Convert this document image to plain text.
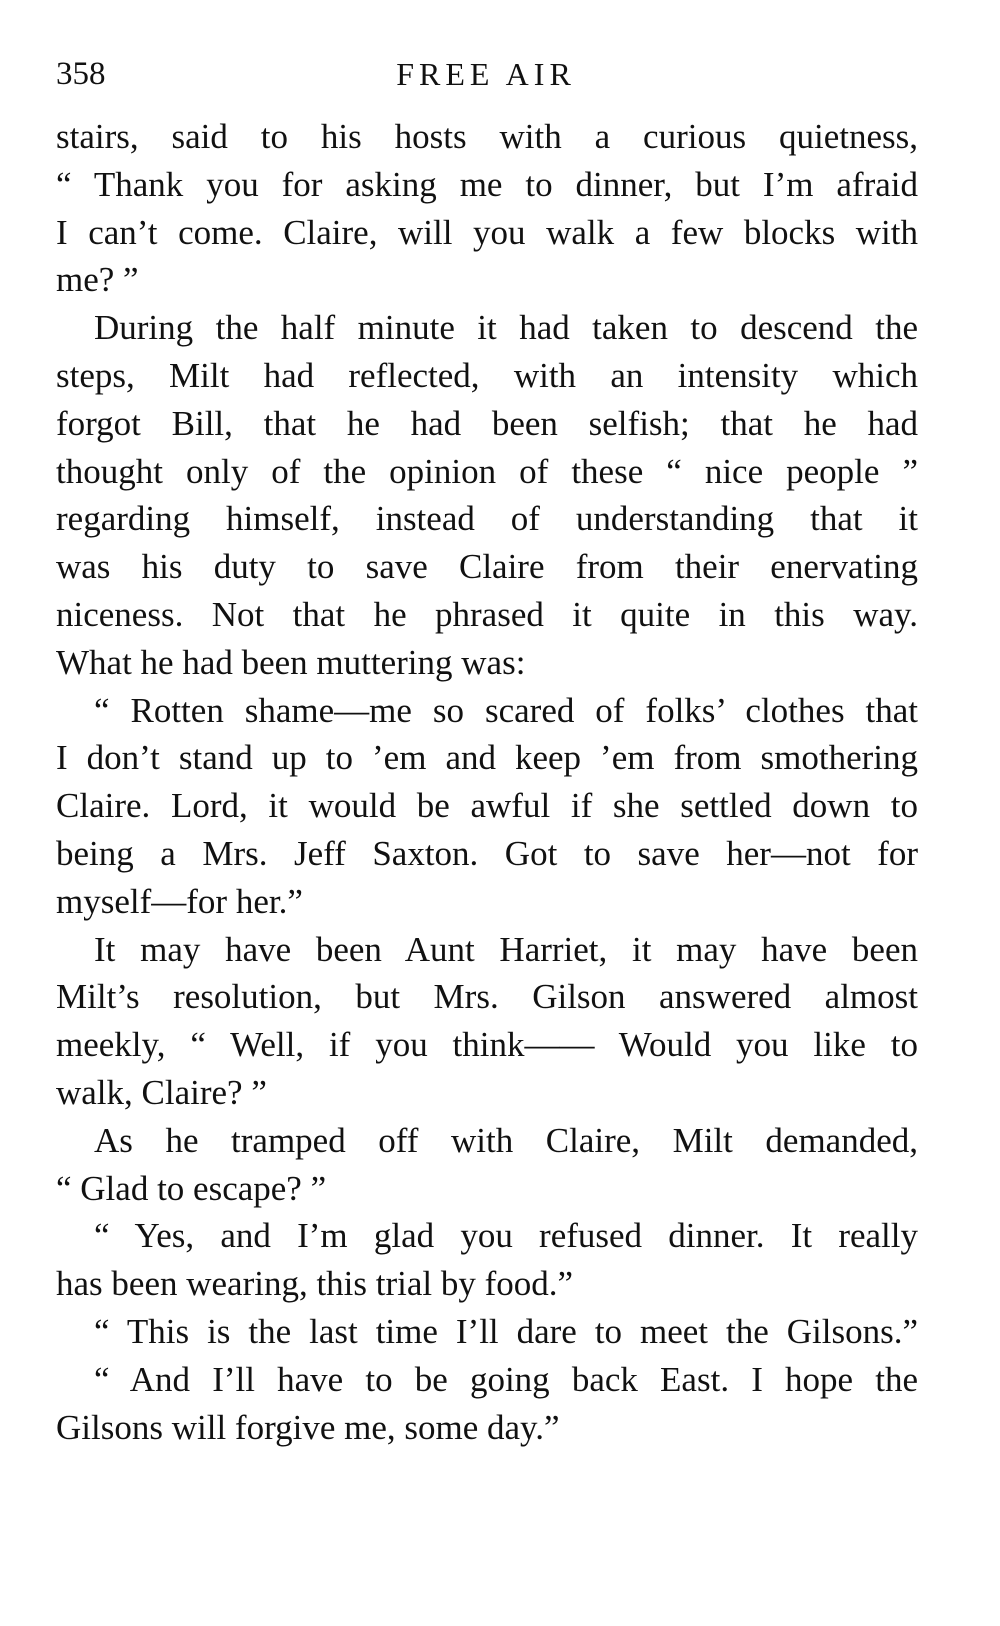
358	FREE AIR
stairs, said to his hosts with a curious quietness,
“ Thank you for asking me to dinner, but I’m afraid
I can’t come. Claire, will you walk a few blocks with
me? ”
During the half minute it had taken to descend the
steps, Milt had reflected, with an intensity which
forgot Bill, that he had been selfish; that he had
thought only of the opinion of these “ nice people ”
regarding himself, instead of understanding that it
was his duty to save Claire from their enervating
niceness. Not that he phrased it quite in this way.
What he had been muttering was:
“ Rotten shame—me so scared of folks’ clothes that
I don’t stand up to ’em and keep ’em from smothering
Claire. Lord, it would be awful if she settled down to
being a Mrs. Jeff Saxton. Got to save her—not for
myself—for her.”
It may have been Aunt Harriet, it may have been
Milt’s resolution, but Mrs. Gilson answered almost
meekly, “ Well, if you think—— Would you like to
walk, Claire? ”
As he tramped off with Claire, Milt demanded,
“ Glad to escape? ”
“ Yes, and I’m glad you refused dinner. It really
has been wearing, this trial by food.”
“ This is the last time I’ll dare to meet the Gilsons.”
“ And I’ll have to be going back East. I hope the
Gilsons will forgive me, some day.”
